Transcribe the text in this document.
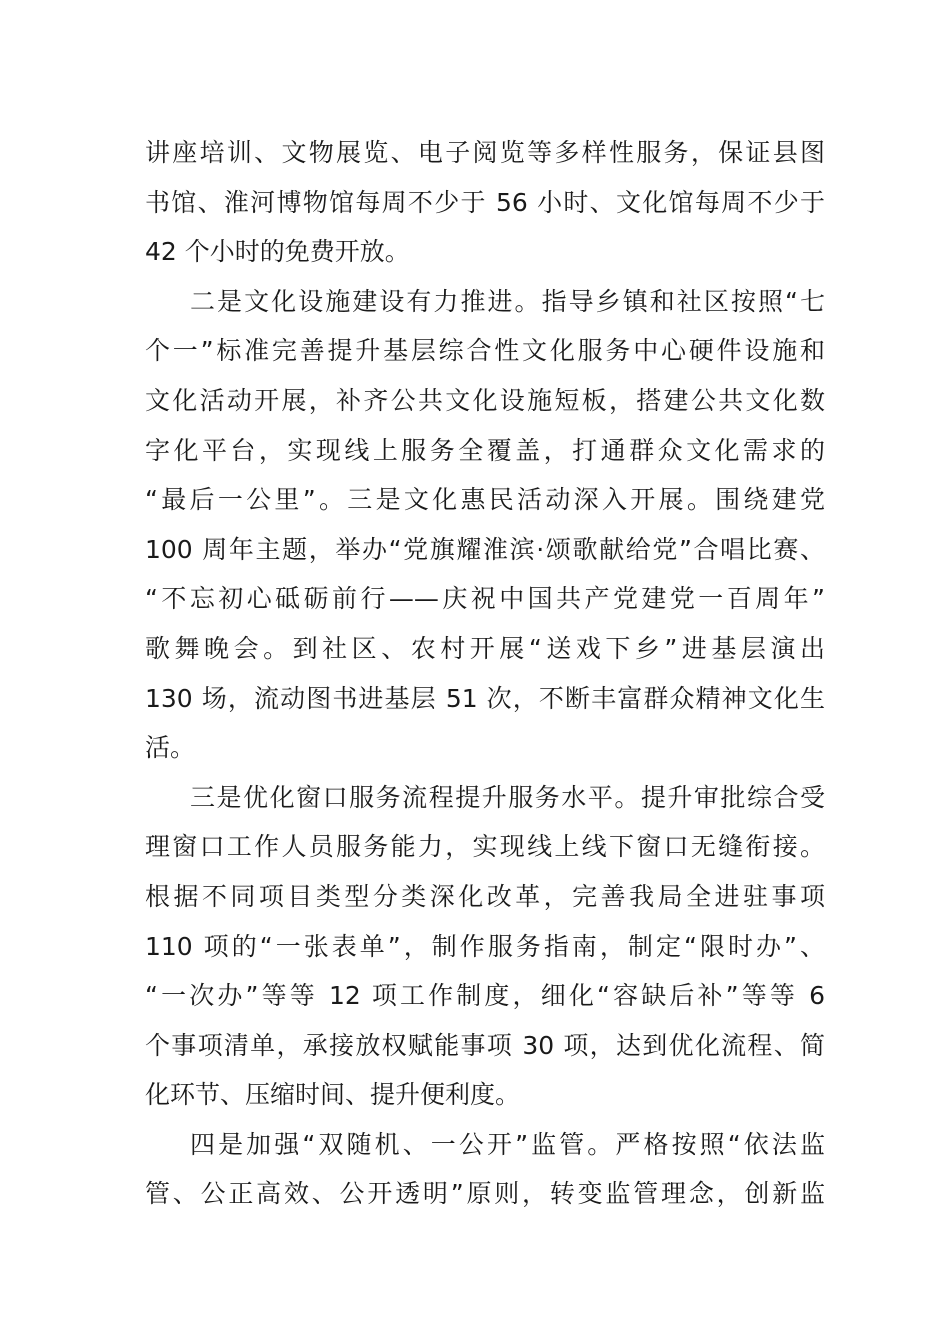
讲座培训、文物展览、电子阅览等多样性服务，保证县图
书馆、淮河博物馆每周不少于 56 小时、文化馆每周不少于
42 个小时的免费开放。
二是文化设施建设有力推进。指导乡镇和社区按照“七
个一”标准完善提升基层综合性文化服务中心硬件设施和
文化活动开展，补齐公共文化设施短板，搭建公共文化数
字化平台，实现线上服务全覆盖，打通群众文化需求的
“最后一公里”。三是文化惠民活动深入开展。围绕建党
100 周年主题，举办“党旗耀淮滨·颂歌献给党”合唱比赛、
“不忘初心砥砺前行——庆祝中国共产党建党一百周年”
歌舞晚会。到社区、农村开展“送戏下乡”进基层演出
130 场，流动图书进基层 51 次，不断丰富群众精神文化生
活。
三是优化窗口服务流程提升服务水平。提升审批综合受
理窗口工作人员服务能力，实现线上线下窗口无缝衔接。
根据不同项目类型分类深化改革，完善我局全进驻事项
110 项的“一张表单”，制作服务指南，制定“限时办”、
“一次办”等等 12 项工作制度，细化“容缺后补”等等 6
个事项清单，承接放权赋能事项 30 项，达到优化流程、简
化环节、压缩时间、提升便利度。
四是加强“双随机、一公开”监管。严格按照“依法监
管、公正高效、公开透明”原则，转变监管理念，创新监
